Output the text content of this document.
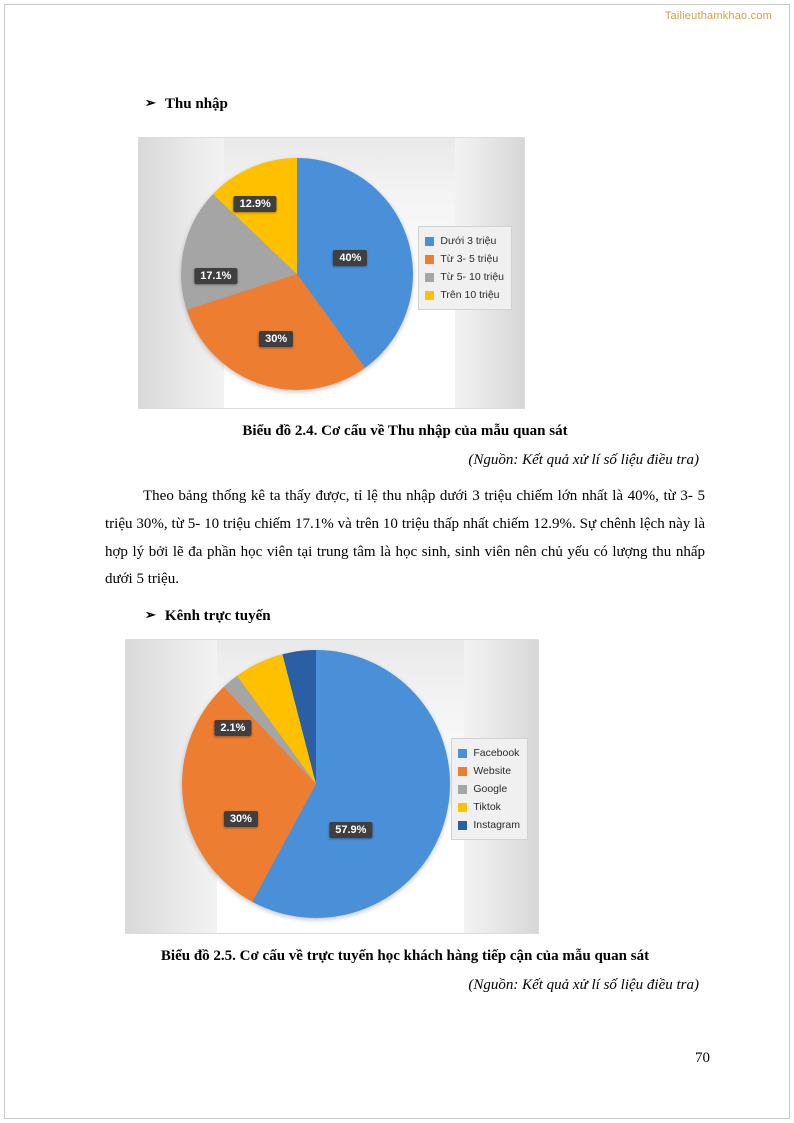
Tailieuthamkhao.com
➢ Thu nhập
40%
30%
17.1%
12.9%
Dưới 3 triệu
Từ 3- 5 triệu
Từ 5- 10 triệu
Trên 10 triệu
Biểu đồ 2.4. Cơ cấu về Thu nhập của mẫu quan sát
(Nguồn: Kết quả xử lí số liệu điều tra)
Theo bảng thống kê ta thấy được, tỉ lệ thu nhập dưới 3 triệu chiếm lớn nhất là 40%, từ 3- 5 triệu 30%, từ 5- 10 triệu chiếm 17.1% và trên 10 triệu thấp nhất chiếm 12.9%. Sự chênh lệch này là hợp lý bởi lẽ đa phần học viên tại trung tâm là học sinh, sinh viên nên chủ yếu có lượng thu nhấp dưới 5 triệu.
➢ Kênh trực tuyến
57.9%
30%
2.1%
Facebook
Website
Google
Tiktok
Instagram
Biểu đồ 2.5. Cơ cấu về trực tuyến học khách hàng tiếp cận của mẫu quan sát
(Nguồn: Kết quả xử lí số liệu điều tra)
70
